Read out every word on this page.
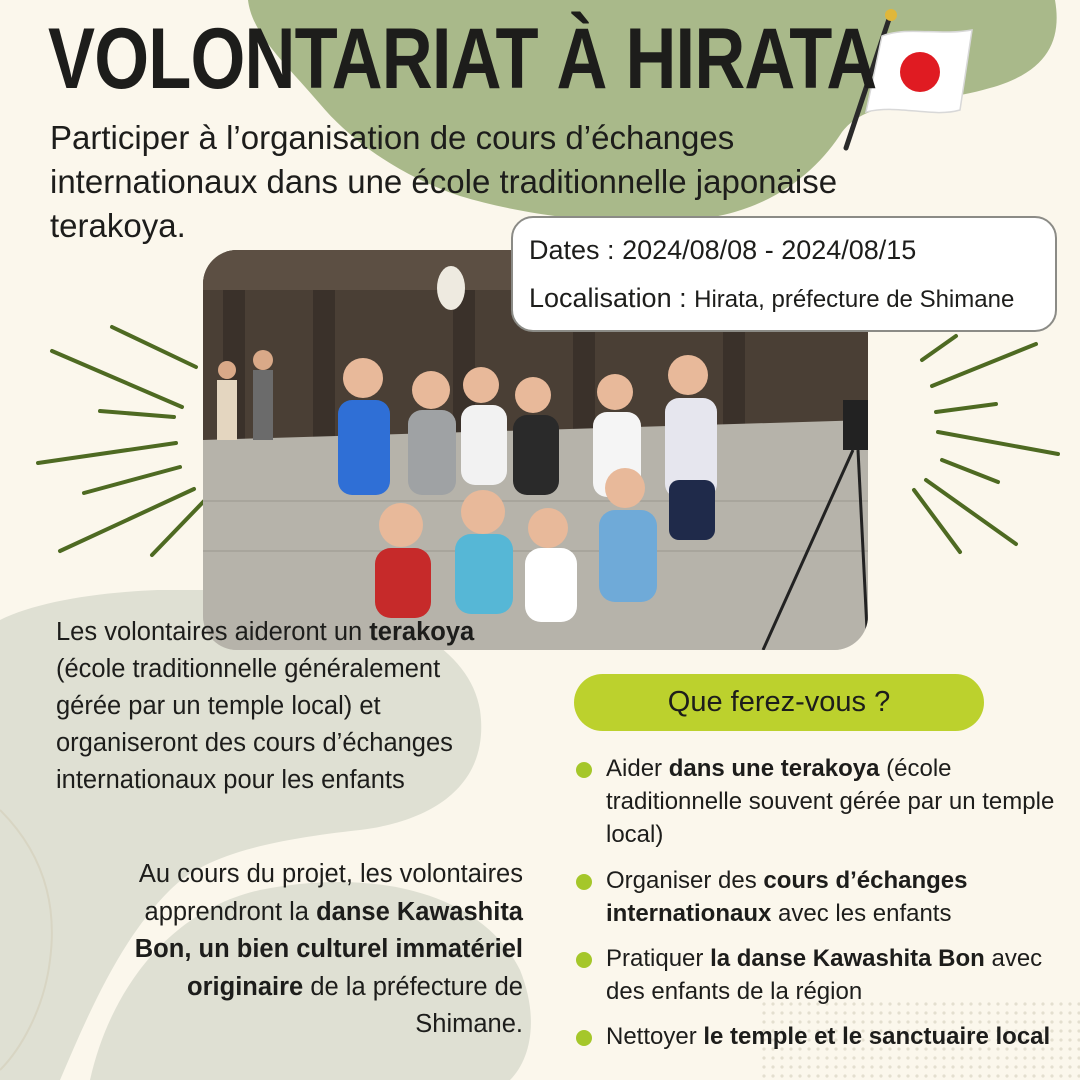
VOLONTARIAT À HIRATA

Participer à l’organisation de cours d’échanges internationaux dans une école traditionnelle japonaise terakoya.

Dates : 2024/08/08 - 2024/08/15

Localisation : Hirata, préfecture de Shimane

Les volontaires aideront un terakoya (école traditionnelle généralement gérée par un temple local) et organiseront des cours d’échanges internationaux pour les enfants

Au cours du projet, les volontaires apprendront la danse Kawashita Bon, un bien culturel immatériel originaire de la préfecture de Shimane.

Que ferez-vous ?
Aider dans une terakoya (école traditionnelle souvent gérée par un temple local)
Organiser des cours d’échanges internationaux avec les enfants
Pratiquer la danse Kawashita Bon avec des enfants de la région
Nettoyer le temple et le sanctuaire local
